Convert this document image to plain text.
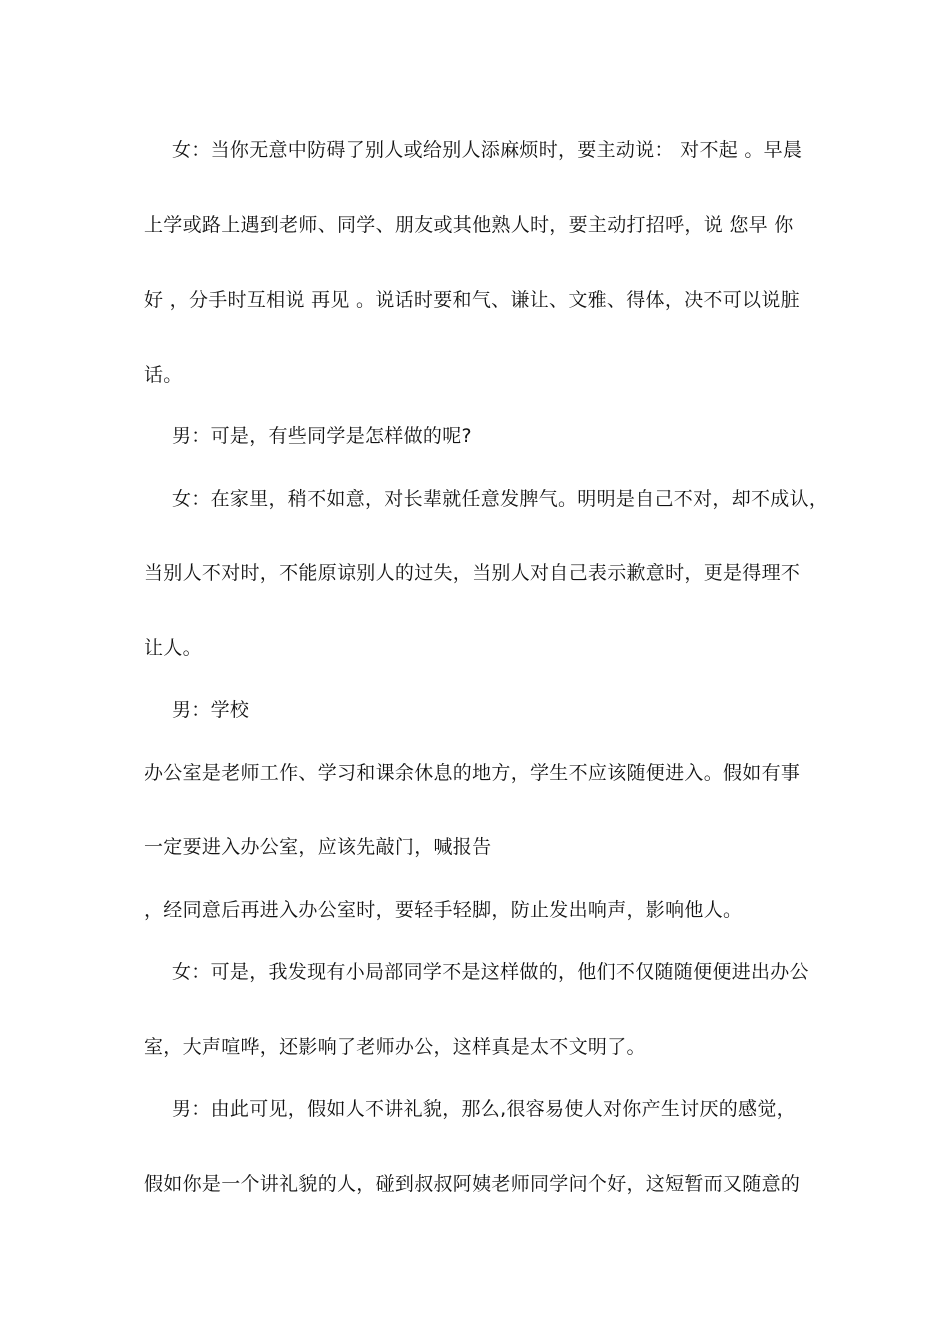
女：当你无意中防碍了别人或给别人添麻烦时，要主动说： 对不起 。早晨
上学或路上遇到老师、同学、朋友或其他熟人时，要主动打招呼，说 您早 你
好 ，分手时互相说 再见 。说话时要和气、谦让、文雅、得体，决不可以说脏
话。
男：可是，有些同学是怎样做的呢?
女：在家里，稍不如意，对长辈就任意发脾气。明明是自己不对，却不成认，
当别人不对时，不能原谅别人的过失，当别人对自己表示歉意时，更是得理不
让人。
男：学校
办公室是老师工作、学习和课余休息的地方，学生不应该随便进入。假如有事
一定要进入办公室，应该先敲门，喊报告
，经同意后再进入办公室时，要轻手轻脚，防止发出响声，影响他人。
女：可是，我发现有小局部同学不是这样做的，他们不仅随随便便进出办公
室，大声喧哗，还影响了老师办公，这样真是太不文明了。
男：由此可见，假如人不讲礼貌，那么,很容易使人对你产生讨厌的感觉，
假如你是一个讲礼貌的人，碰到叔叔阿姨老师同学问个好，这短暂而又随意的
